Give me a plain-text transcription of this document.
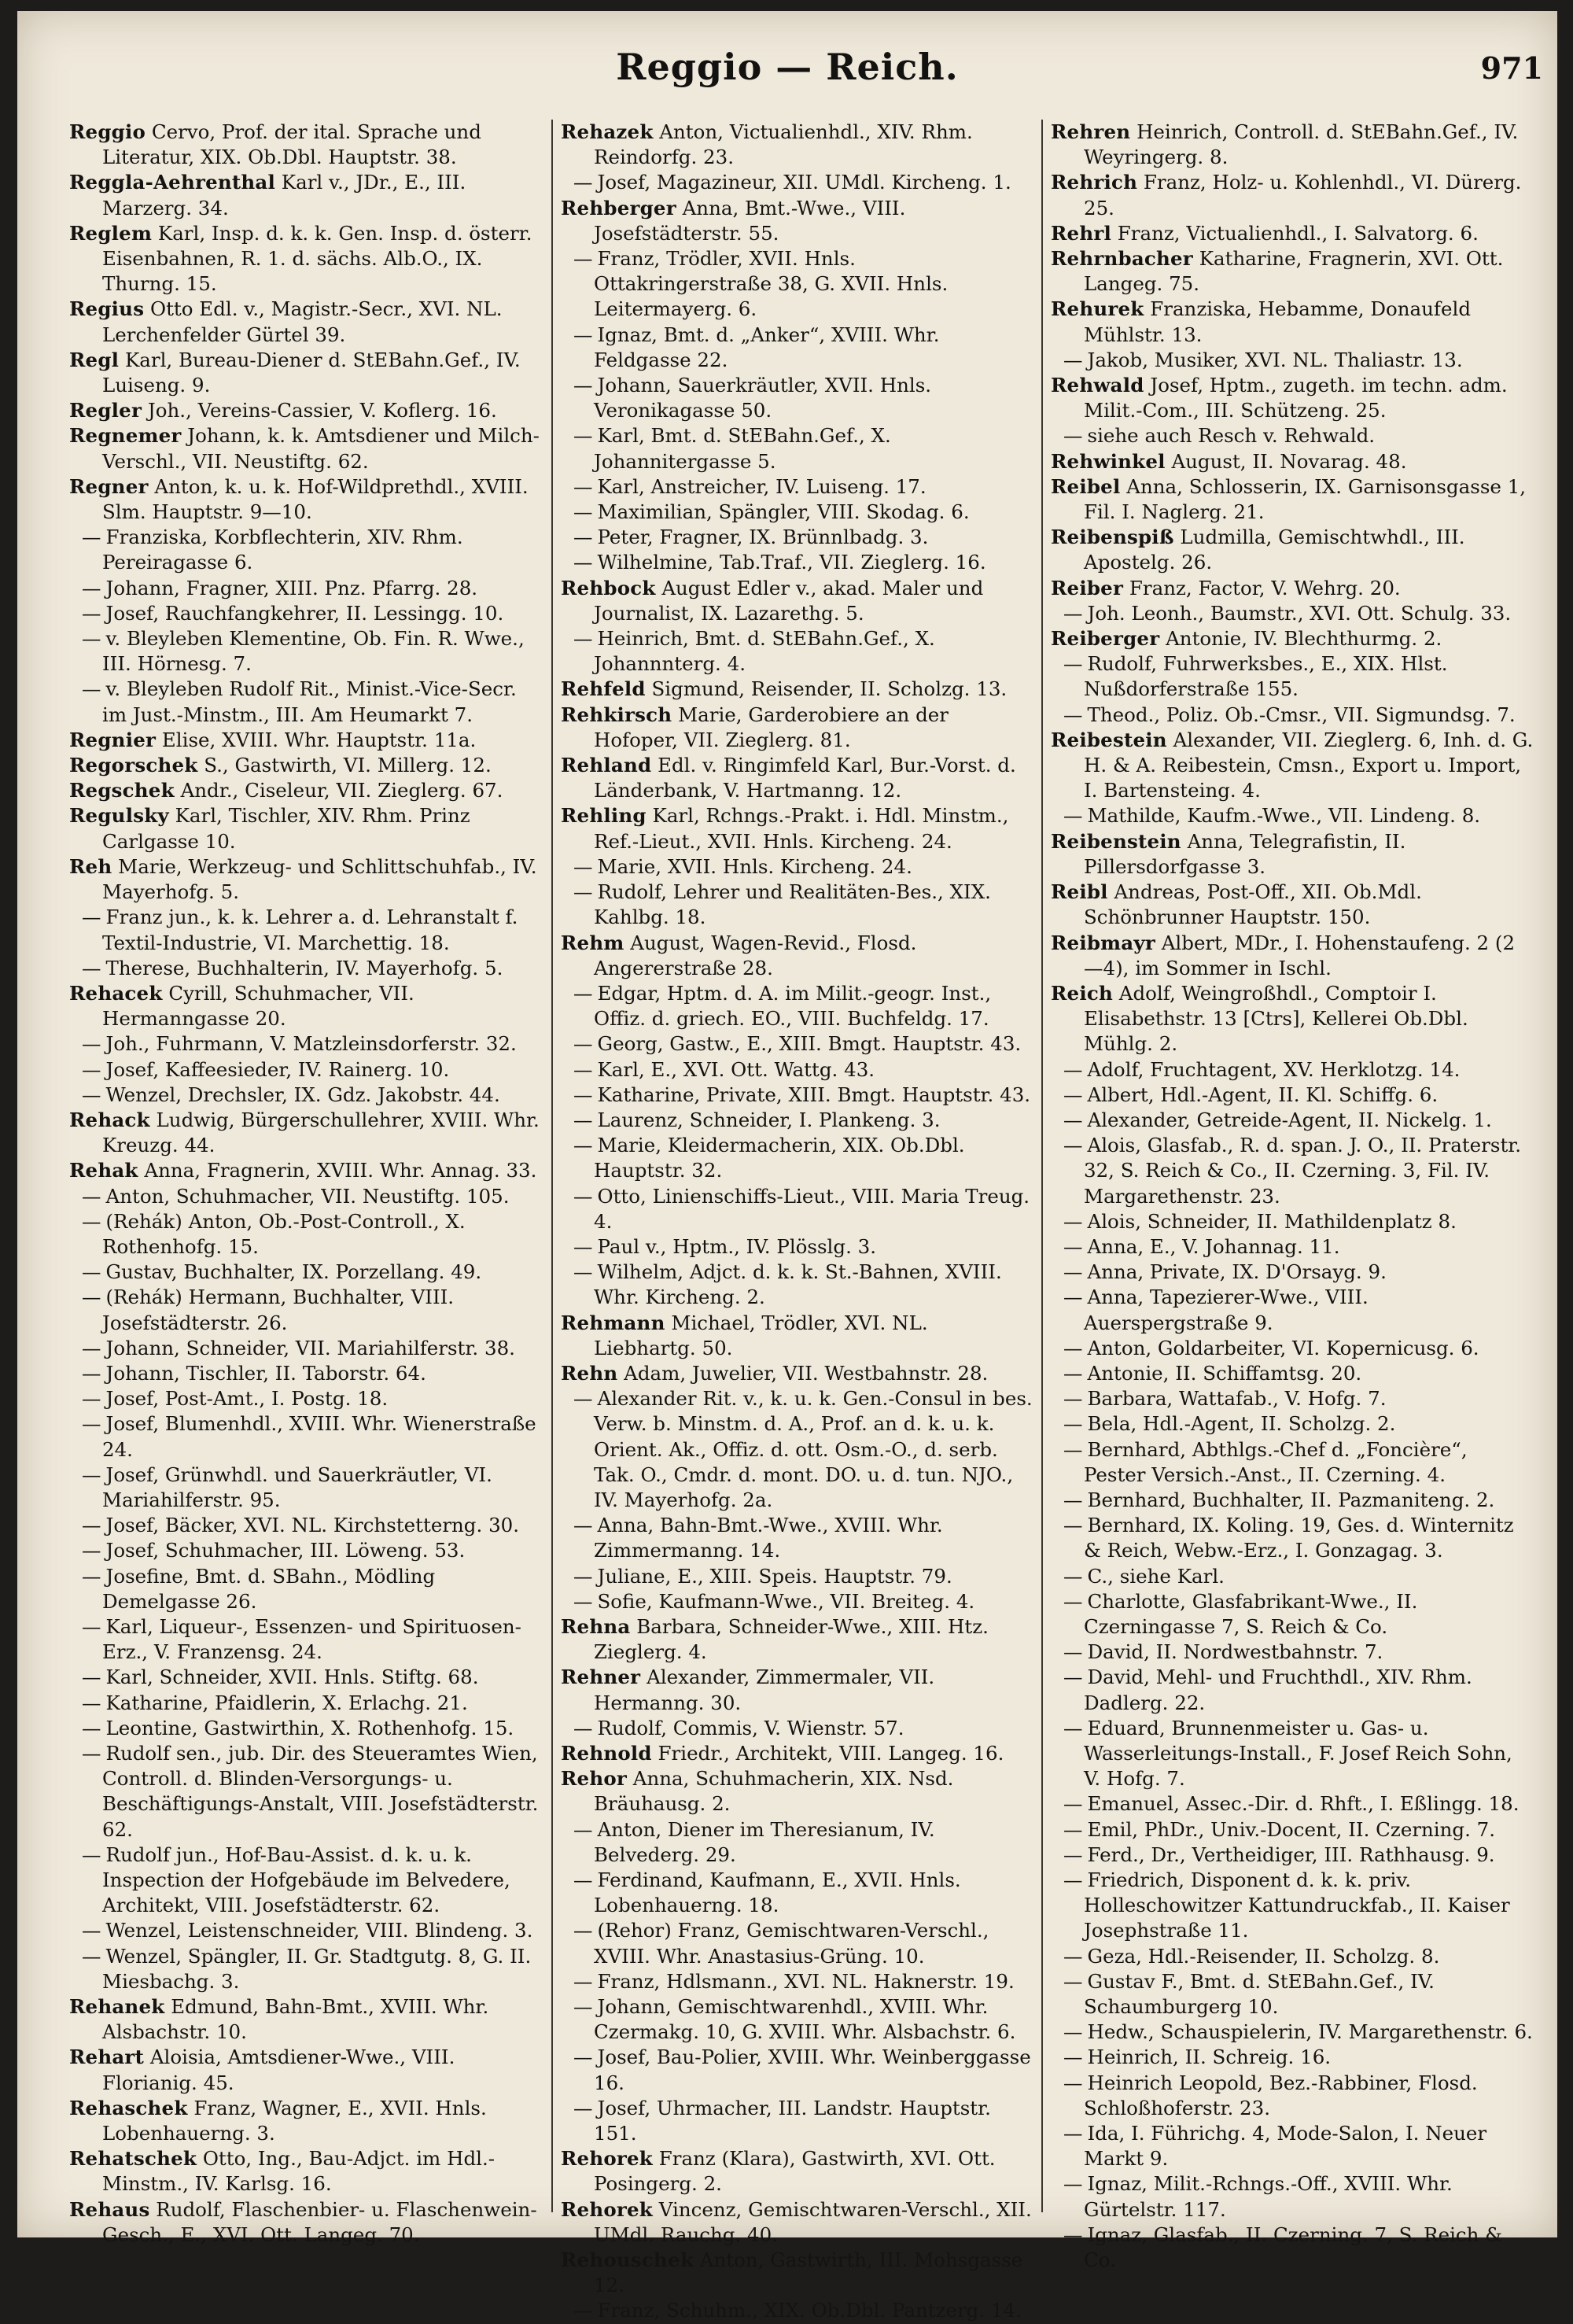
Reggio — Reich.	971

Reggio Cervo, Prof. der ital. Sprache und Literatur, XIX. Ob.Dbl. Hauptstr. 38.

Reggla-Aehrenthal Karl v., JDr., E., III. Marzerg. 34.

Reglem Karl, Insp. d. k. k. Gen. Insp. d. österr. Eisenbahnen, R. 1. d. sächs. Alb.O., IX. Thurng. 15.

Regius Otto Edl. v., Magistr.-Secr., XVI. NL. Lerchenfelder Gürtel 39.

Regl Karl, Bureau-Diener d. StEBahn.Gef., IV. Luiseng. 9.

Regler Joh., Vereins-Cassier, V. Koflerg. 16.

Regnemer Johann, k. k. Amtsdiener und Milch-Verschl., VII. Neustiftg. 62.

Regner Anton, k. u. k. Hof-Wildprethdl., XVIII. Slm. Hauptstr. 9—10.

— Franziska, Korbflechterin, XIV. Rhm. Pereiragasse 6.

— Johann, Fragner, XIII. Pnz. Pfarrg. 28.

— Josef, Rauchfangkehrer, II. Lessingg. 10.

— v. Bleyleben Klementine, Ob. Fin. R. Wwe., III. Hörnesg. 7.

— v. Bleyleben Rudolf Rit., Minist.-Vice-Secr. im Just.-Minstm., III. Am Heumarkt 7.

Regnier Elise, XVIII. Whr. Hauptstr. 11a.

Regorschek S., Gastwirth, VI. Millerg. 12.

Regschek Andr., Ciseleur, VII. Zieglerg. 67.

Regulsky Karl, Tischler, XIV. Rhm. Prinz Carlgasse 10.

Reh Marie, Werkzeug- und Schlittschuhfab., IV. Mayerhofg. 5.

— Franz jun., k. k. Lehrer a. d. Lehranstalt f. Textil-Industrie, VI. Marchettig. 18.

— Therese, Buchhalterin, IV. Mayerhofg. 5.

Rehacek Cyrill, Schuhmacher, VII. Hermanngasse 20.

— Joh., Fuhrmann, V. Matzleinsdorferstr. 32.

— Josef, Kaffeesieder, IV. Rainerg. 10.

— Wenzel, Drechsler, IX. Gdz. Jakobstr. 44.

Rehack Ludwig, Bürgerschullehrer, XVIII. Whr. Kreuzg. 44.

Rehak Anna, Fragnerin, XVIII. Whr. Annag. 33.

— Anton, Schuhmacher, VII. Neustiftg. 105.

— (Rehák) Anton, Ob.-Post-Controll., X. Rothenhofg. 15.

— Gustav, Buchhalter, IX. Porzellang. 49.

— (Rehák) Hermann, Buchhalter, VIII. Josefstädterstr. 26.

— Johann, Schneider, VII. Mariahilferstr. 38.

— Johann, Tischler, II. Taborstr. 64.

— Josef, Post-Amt., I. Postg. 18.

— Josef, Blumenhdl., XVIII. Whr. Wienerstraße 24.

— Josef, Grünwhdl. und Sauerkräutler, VI. Mariahilferstr. 95.

— Josef, Bäcker, XVI. NL. Kirchstetterng. 30.

— Josef, Schuhmacher, III. Löweng. 53.

— Josefine, Bmt. d. SBahn., Mödling Demelgasse 26.

— Karl, Liqueur-, Essenzen- und Spirituosen-Erz., V. Franzensg. 24.

— Karl, Schneider, XVII. Hnls. Stiftg. 68.

— Katharine, Pfaidlerin, X. Erlachg. 21.

— Leontine, Gastwirthin, X. Rothenhofg. 15.

— Rudolf sen., jub. Dir. des Steueramtes Wien, Controll. d. Blinden-Versorgungs- u. Beschäftigungs-Anstalt, VIII. Josefstädterstr. 62.

— Rudolf jun., Hof-Bau-Assist. d. k. u. k. Inspection der Hofgebäude im Belvedere, Architekt, VIII. Josefstädterstr. 62.

— Wenzel, Leistenschneider, VIII. Blindeng. 3.

— Wenzel, Spängler, II. Gr. Stadtgutg. 8, G. II. Miesbachg. 3.

Rehanek Edmund, Bahn-Bmt., XVIII. Whr. Alsbachstr. 10.

Rehart Aloisia, Amtsdiener-Wwe., VIII. Florianig. 45.

Rehaschek Franz, Wagner, E., XVII. Hnls. Lobenhauerng. 3.

Rehatschek Otto, Ing., Bau-Adjct. im Hdl.-Minstm., IV. Karlsg. 16.

Rehaus Rudolf, Flaschenbier- u. Flaschenwein-Gesch., E., XVI. Ott. Langeg. 70.

Rehazek Anton, Victualienhdl., XIV. Rhm. Reindorfg. 23.

— Josef, Magazineur, XII. UMdl. Kircheng. 1.

Rehberger Anna, Bmt.-Wwe., VIII. Josefstädterstr. 55.

— Franz, Trödler, XVII. Hnls. Ottakringerstraße 38, G. XVII. Hnls. Leitermayerg. 6.

— Ignaz, Bmt. d. „Anker“, XVIII. Whr. Feldgasse 22.

— Johann, Sauerkräutler, XVII. Hnls. Veronikagasse 50.

— Karl, Bmt. d. StEBahn.Gef., X. Johannitergasse 5.

— Karl, Anstreicher, IV. Luiseng. 17.

— Maximilian, Spängler, VIII. Skodag. 6.

— Peter, Fragner, IX. Brünnlbadg. 3.

— Wilhelmine, Tab.Traf., VII. Zieglerg. 16.

Rehbock August Edler v., akad. Maler und Journalist, IX. Lazarethg. 5.

— Heinrich, Bmt. d. StEBahn.Gef., X. Johannnterg. 4.

Rehfeld Sigmund, Reisender, II. Scholzg. 13.

Rehkirsch Marie, Garderobiere an der Hofoper, VII. Zieglerg. 81.

Rehland Edl. v. Ringimfeld Karl, Bur.-Vorst. d. Länderbank, V. Hartmanng. 12.

Rehling Karl, Rchngs.-Prakt. i. Hdl. Minstm., Ref.-Lieut., XVII. Hnls. Kircheng. 24.

— Marie, XVII. Hnls. Kircheng. 24.

— Rudolf, Lehrer und Realitäten-Bes., XIX. Kahlbg. 18.

Rehm August, Wagen-Revid., Flosd. Angererstraße 28.

— Edgar, Hptm. d. A. im Milit.-geogr. Inst., Offiz. d. griech. EO., VIII. Buchfeldg. 17.

— Georg, Gastw., E., XIII. Bmgt. Hauptstr. 43.

— Karl, E., XVI. Ott. Wattg. 43.

— Katharine, Private, XIII. Bmgt. Hauptstr. 43.

— Laurenz, Schneider, I. Plankeng. 3.

— Marie, Kleidermacherin, XIX. Ob.Dbl. Hauptstr. 32.

— Otto, Linienschiffs-Lieut., VIII. Maria Treug. 4.

— Paul v., Hptm., IV. Plösslg. 3.

— Wilhelm, Adjct. d. k. k. St.-Bahnen, XVIII. Whr. Kircheng. 2.

Rehmann Michael, Trödler, XVI. NL. Liebhartg. 50.

Rehn Adam, Juwelier, VII. Westbahnstr. 28.

— Alexander Rit. v., k. u. k. Gen.-Consul in bes. Verw. b. Minstm. d. A., Prof. an d. k. u. k. Orient. Ak., Offiz. d. ott. Osm.-O., d. serb. Tak. O., Cmdr. d. mont. DO. u. d. tun. NJO., IV. Mayerhofg. 2a.

— Anna, Bahn-Bmt.-Wwe., XVIII. Whr. Zimmermanng. 14.

— Juliane, E., XIII. Speis. Hauptstr. 79.

— Sofie, Kaufmann-Wwe., VII. Breiteg. 4.

Rehna Barbara, Schneider-Wwe., XIII. Htz. Zieglerg. 4.

Rehner Alexander, Zimmermaler, VII. Hermanng. 30.

— Rudolf, Commis, V. Wienstr. 57.

Rehnold Friedr., Architekt, VIII. Langeg. 16.

Rehor Anna, Schuhmacherin, XIX. Nsd. Bräuhausg. 2.

— Anton, Diener im Theresianum, IV. Belvederg. 29.

— Ferdinand, Kaufmann, E., XVII. Hnls. Lobenhauerng. 18.

— (Rehor) Franz, Gemischtwaren-Verschl., XVIII. Whr. Anastasius-Grüng. 10.

— Franz, Hdlsmann., XVI. NL. Haknerstr. 19.

— Johann, Gemischtwarenhdl., XVIII. Whr. Czermakg. 10, G. XVIII. Whr. Alsbachstr. 6.

— Josef, Bau-Polier, XVIII. Whr. Weinberggasse 16.

— Josef, Uhrmacher, III. Landstr. Hauptstr. 151.

Rehorek Franz (Klara), Gastwirth, XVI. Ott. Posingerg. 2.

Rehorek Vincenz, Gemischtwaren-Verschl., XII. UMdl. Rauchg. 40.

Rehouschek Anton, Gastwirth, III. Mohsgasse 12.

— Franz, Schuhm., XIX. Ob.Dbl. Pantzerg. 14.

Rehren Heinrich, Controll. d. StEBahn.Gef., IV. Weyringerg. 8.

Rehrich Franz, Holz- u. Kohlenhdl., VI. Dürerg. 25.

Rehrl Franz, Victualienhdl., I. Salvatorg. 6.

Rehrnbacher Katharine, Fragnerin, XVI. Ott. Langeg. 75.

Rehurek Franziska, Hebamme, Donaufeld Mühlstr. 13.

— Jakob, Musiker, XVI. NL. Thaliastr. 13.

Rehwald Josef, Hptm., zugeth. im techn. adm. Milit.-Com., III. Schützeng. 25.

— siehe auch Resch v. Rehwald.

Rehwinkel August, II. Novarag. 48.

Reibel Anna, Schlosserin, IX. Garnisonsgasse 1, Fil. I. Naglerg. 21.

Reibenspiß Ludmilla, Gemischtwhdl., III. Apostelg. 26.

Reiber Franz, Factor, V. Wehrg. 20.

— Joh. Leonh., Baumstr., XVI. Ott. Schulg. 33.

Reiberger Antonie, IV. Blechthurmg. 2.

— Rudolf, Fuhrwerksbes., E., XIX. Hlst. Nußdorferstraße 155.

— Theod., Poliz. Ob.-Cmsr., VII. Sigmundsg. 7.

Reibestein Alexander, VII. Zieglerg. 6, Inh. d. G. H. & A. Reibestein, Cmsn., Export u. Import, I. Bartensteing. 4.

— Mathilde, Kaufm.-Wwe., VII. Lindeng. 8.

Reibenstein Anna, Telegrafistin, II. Pillersdorfgasse 3.

Reibl Andreas, Post-Off., XII. Ob.Mdl. Schönbrunner Hauptstr. 150.

Reibmayr Albert, MDr., I. Hohenstaufeng. 2 (2—4), im Sommer in Ischl.

Reich Adolf, Weingroßhdl., Comptoir I. Elisabethstr. 13 [Ctrs], Kellerei Ob.Dbl. Mühlg. 2.

— Adolf, Fruchtagent, XV. Herklotzg. 14.

— Albert, Hdl.-Agent, II. Kl. Schiffg. 6.

— Alexander, Getreide-Agent, II. Nickelg. 1.

— Alois, Glasfab., R. d. span. J. O., II. Praterstr. 32, S. Reich & Co., II. Czerning. 3, Fil. IV. Margarethenstr. 23.

— Alois, Schneider, II. Mathildenplatz 8.

— Anna, E., V. Johannag. 11.

— Anna, Private, IX. D'Orsayg. 9.

— Anna, Tapezierer-Wwe., VIII. Auerspergstraße 9.

— Anton, Goldarbeiter, VI. Kopernicusg. 6.

— Antonie, II. Schiffamtsg. 20.

— Barbara, Wattafab., V. Hofg. 7.

— Bela, Hdl.-Agent, II. Scholzg. 2.

— Bernhard, Abthlgs.-Chef d. „Foncière“, Pester Versich.-Anst., II. Czerning. 4.

— Bernhard, Buchhalter, II. Pazmaniteng. 2.

— Bernhard, IX. Koling. 19, Ges. d. Winternitz & Reich, Webw.-Erz., I. Gonzagag. 3.

— C., siehe Karl.

— Charlotte, Glasfabrikant-Wwe., II. Czerningasse 7, S. Reich & Co.

— David, II. Nordwestbahnstr. 7.

— David, Mehl- und Fruchthdl., XIV. Rhm. Dadlerg. 22.

— Eduard, Brunnenmeister u. Gas- u. Wasserleitungs-Install., F. Josef Reich Sohn, V. Hofg. 7.

— Emanuel, Assec.-Dir. d. Rhft., I. Eßlingg. 18.

— Emil, PhDr., Univ.-Docent, II. Czerning. 7.

— Ferd., Dr., Vertheidiger, III. Rathhausg. 9.

— Friedrich, Disponent d. k. k. priv. Holleschowitzer Kattundruckfab., II. Kaiser Josephstraße 11.

— Geza, Hdl.-Reisender, II. Scholzg. 8.

— Gustav F., Bmt. d. StEBahn.Gef., IV. Schaumburgerg 10.

— Hedw., Schauspielerin, IV. Margarethenstr. 6.

— Heinrich, II. Schreig. 16.

— Heinrich Leopold, Bez.-Rabbiner, Flosd. Schloßhoferstr. 23.

— Ida, I. Führichg. 4, Mode-Salon, I. Neuer Markt 9.

— Ignaz, Milit.-Rchngs.-Off., XVIII. Whr. Gürtelstr. 117.

— Ignaz, Glasfab., II. Czerning. 7, S. Reich & Co.
